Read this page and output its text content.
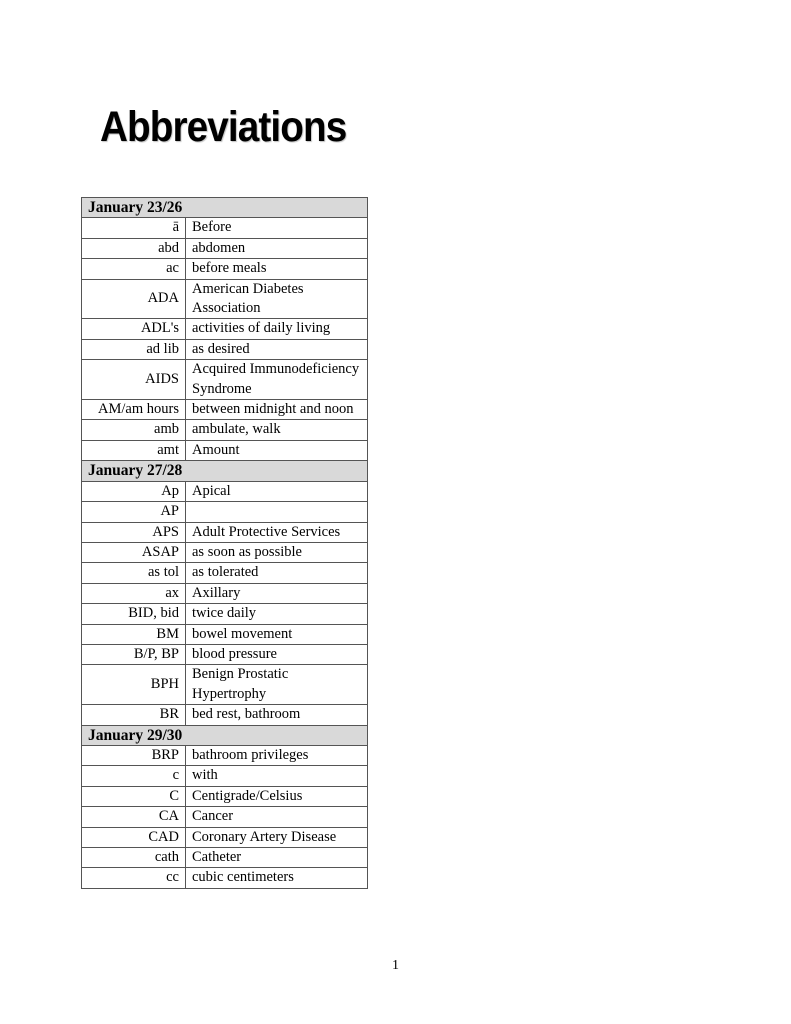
Abbreviations
January 23/26	
ā	Before
abd	abdomen
ac	before meals
ADA	American Diabetes Association
ADL's	activities of daily living
ad lib	as desired
AIDS	Acquired Immunodeficiency Syndrome
AM/am hours	between midnight and noon
amb	ambulate, walk
amt	Amount
January 27/28	
Ap	Apical
AP	
APS	Adult Protective Services
ASAP	as soon as possible
as tol	as tolerated
ax	Axillary
BID, bid	twice daily
BM	bowel movement
B/P, BP	blood pressure
BPH	Benign Prostatic Hypertrophy
BR	bed rest, bathroom
January 29/30	
BRP	bathroom privileges
c	with
C	Centigrade/Celsius
CA	Cancer
CAD	Coronary Artery Disease
cath	Catheter
cc	cubic centimeters
1
